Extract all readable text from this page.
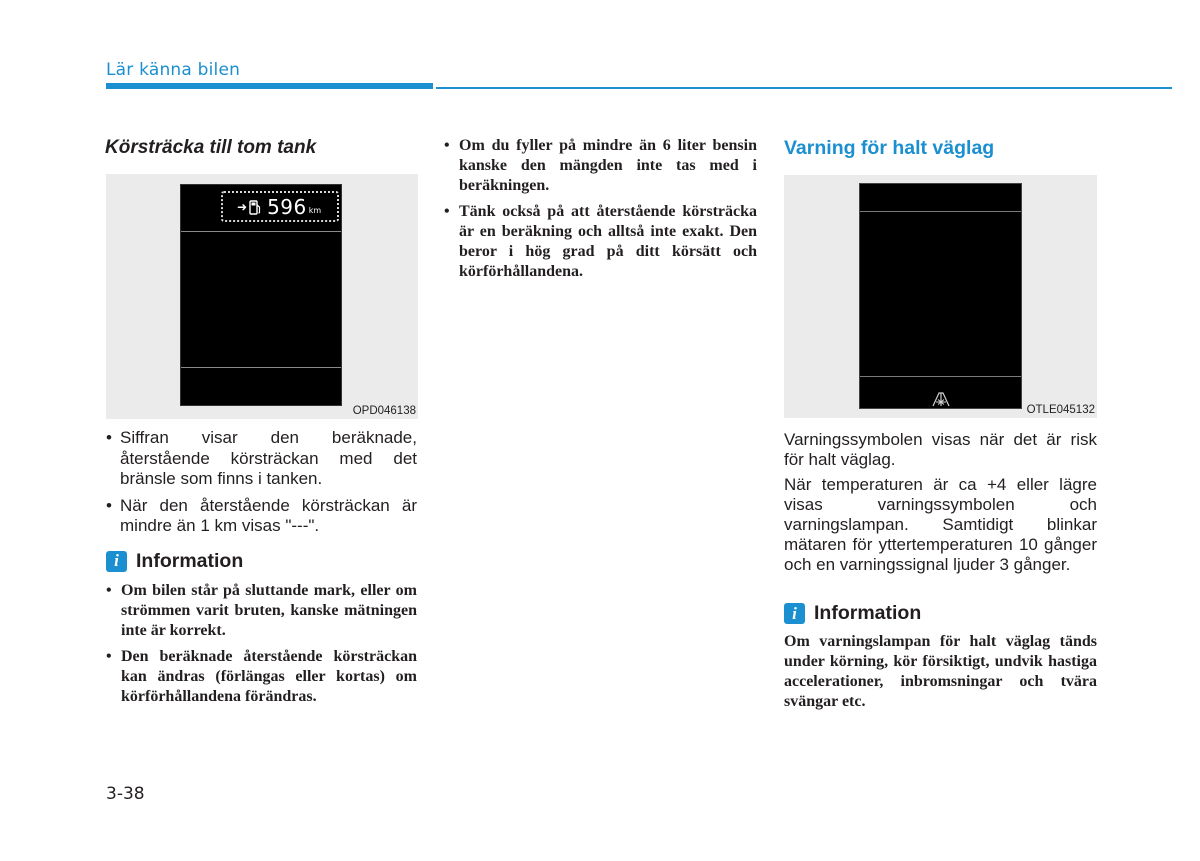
Lär känna bilen
Körsträcka till tom tank
➜ 596 km
OPD046138
• Siffran visar den beräknade, återstående körsträckan med det bränsle som finns i tanken.
• När den återstående körsträckan är mindre än 1 km visas "---".
i Information
• Om bilen står på sluttande mark, eller om strömmen varit bruten, kanske mätningen inte är korrekt.
• Den beräknade återstående körsträckan kan ändras (förlängas eller kortas) om körförhållandena förändras.
• Om du fyller på mindre än 6 liter bensin kanske den mängden inte tas med i beräkningen.
• Tänk också på att återstående körsträcka är en beräkning och alltså inte exakt. Den beror i hög grad på ditt körsätt och körförhållandena.
Varning för halt väglag
OTLE045132

Varningssymbolen visas när det är risk för halt väglag.

När temperaturen är ca +4 eller lägre visas varningssymbolen och varningslampan. Samtidigt blinkar mätaren för yttertemperaturen 10 gånger och en varningssignal ljuder 3 gånger.

i Information

Om varningslampan för halt väglag tänds under körning, kör försiktigt, undvik hastiga accelerationer, inbromsningar och tvära svängar etc.

3-38
